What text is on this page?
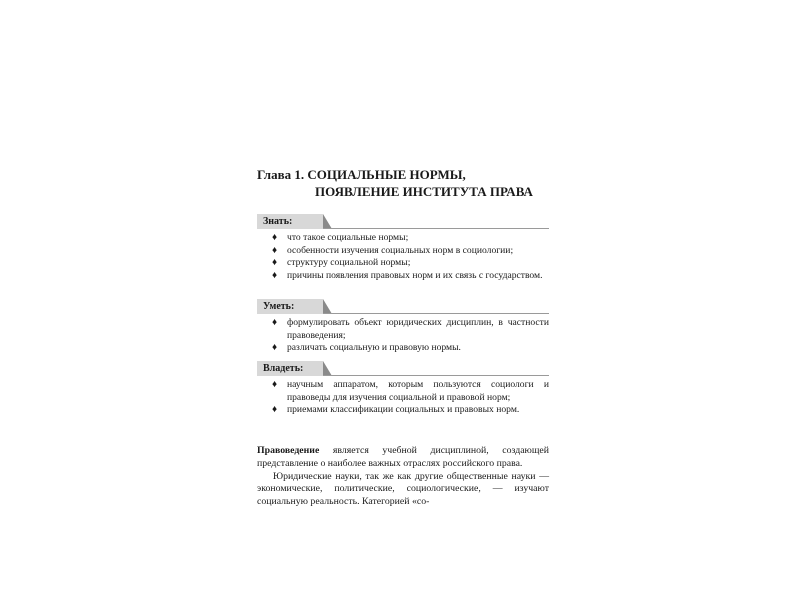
Глава 1. СОЦИАЛЬНЫЕ НОРМЫ,
ПОЯВЛЕНИЕ ИНСТИТУТА ПРАВА
Знать:
♦ что такое социальные нормы;
♦ особенности изучения социальных норм в социологии;
♦ структуру социальной нормы;
♦ причины появления правовых норм и их связь с государством.
Уметь:
♦ формулировать объект юридических дисциплин, в частности правоведения;
♦ различать социальную и правовую нормы.
Владеть:
♦ научным аппаратом, которым пользуются социологи и правоведы для изучения социальной и правовой норм;
♦ приемами классификации социальных и правовых норм.

Правоведение является учебной дисциплиной, создающей представление о наиболее важных отраслях российского права.

Юридические науки, так же как другие общественные науки — экономические, политические, социологические, — изучают социальную реальность. Категорией «со-
